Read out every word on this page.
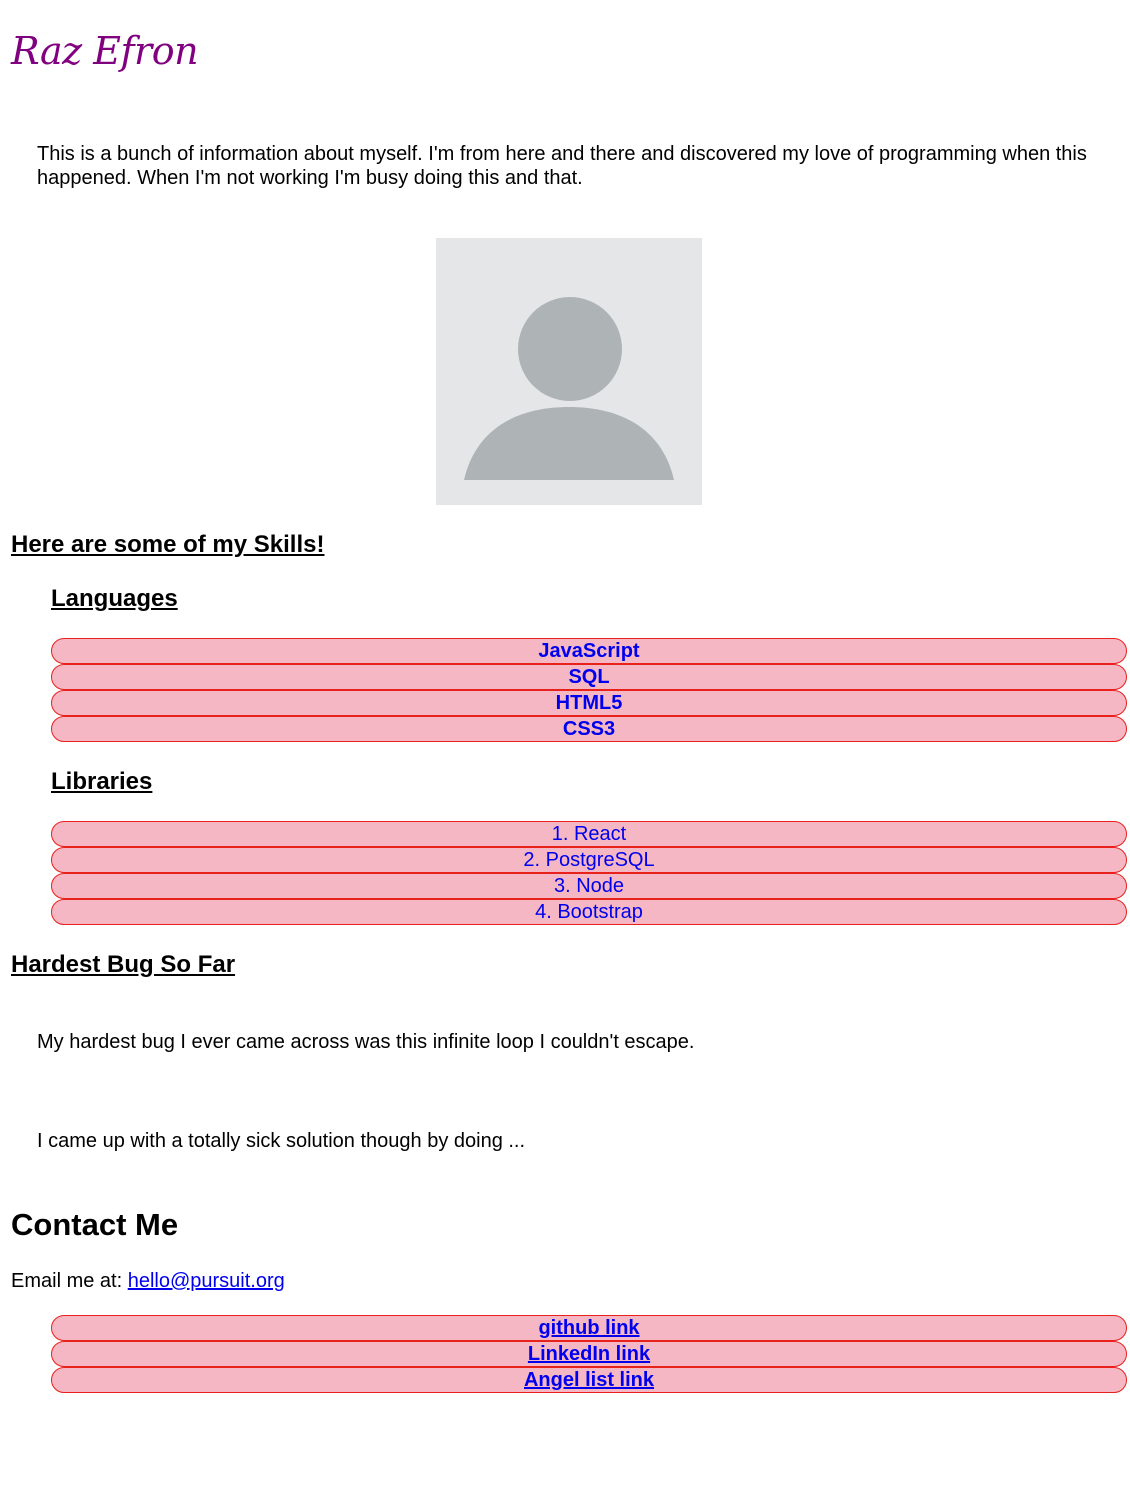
Raz Efron

This is a bunch of information about myself. I'm from here and there and discovered my love of programming when this happened. When I'm not working I'm busy doing this and that.

Here are some of my Skills!
Languages
JavaScript
SQL
HTML5
CSS3
Libraries
1. React
2. PostgreSQL
3. Node
4. Bootstrap
Hardest Bug So Far

My hardest bug I ever came across was this infinite loop I couldn't escape.

I came up with a totally sick solution though by doing ...

Contact Me

Email me at: hello@pursuit.org

github link
LinkedIn link
Angel list link
